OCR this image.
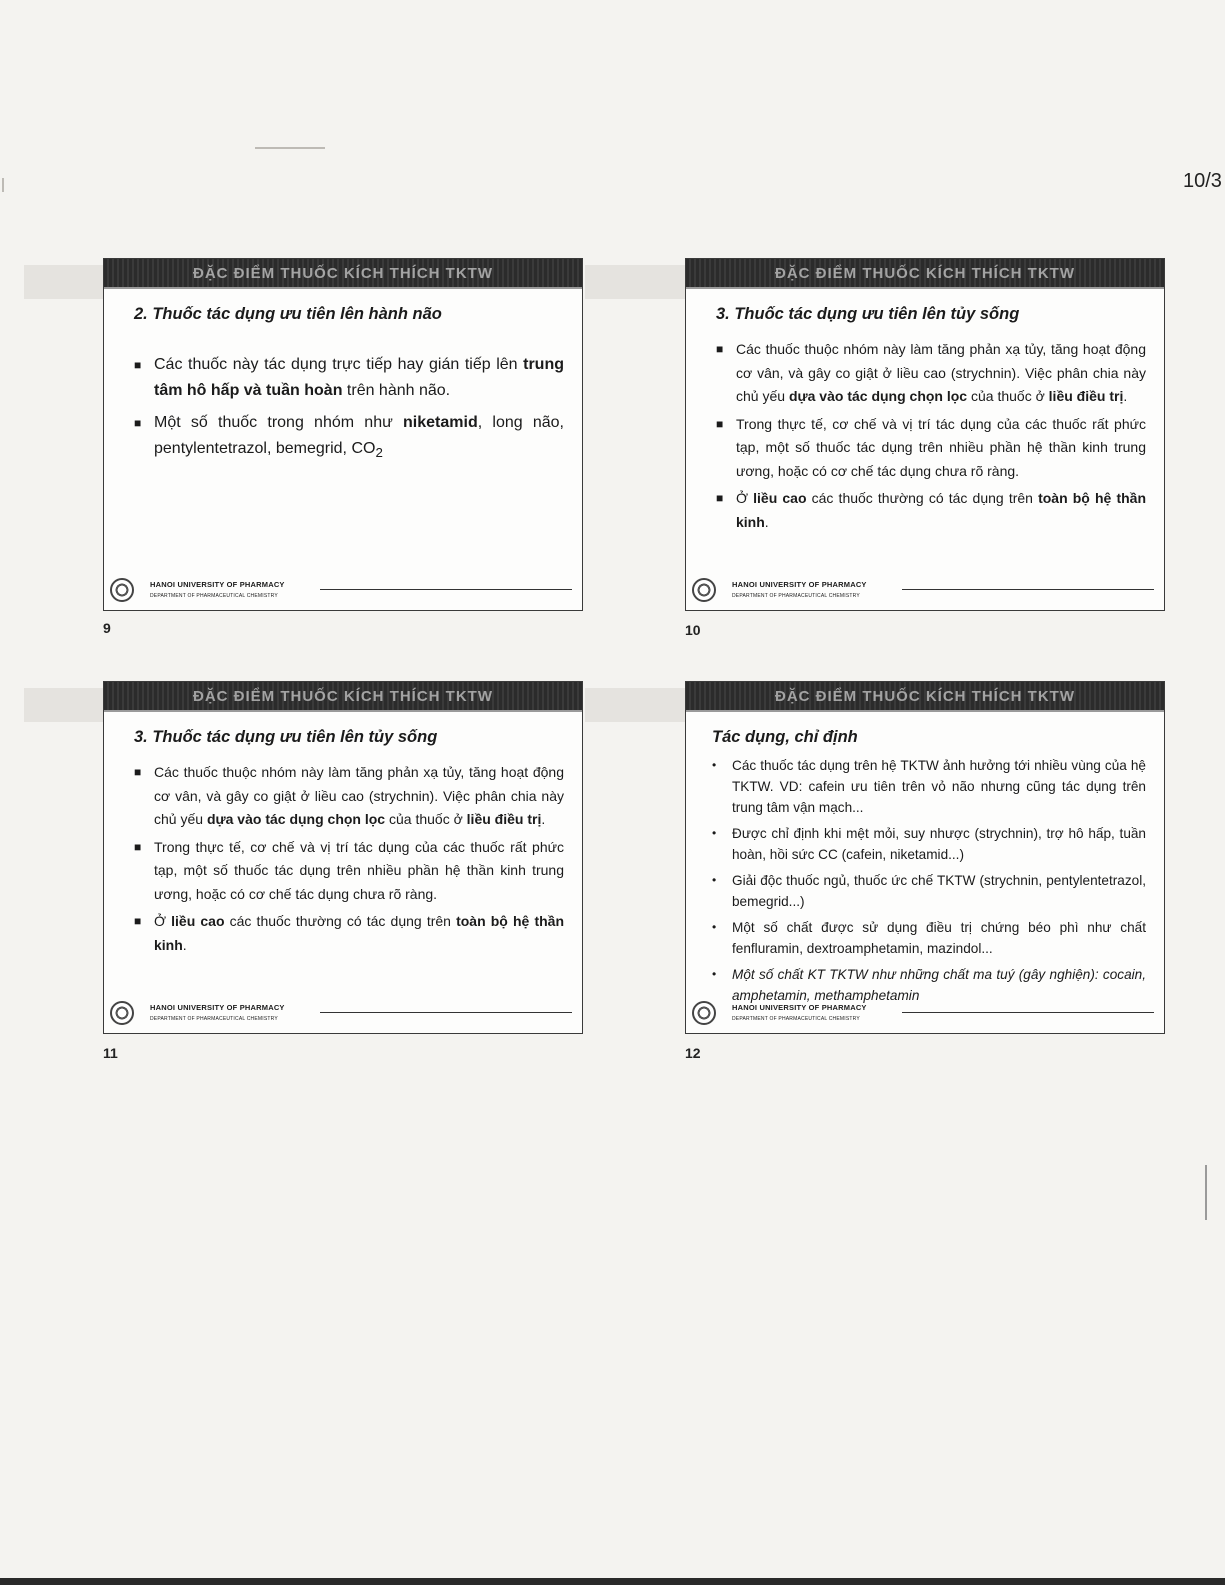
10/3
ĐẶC ĐIỂM THUỐC KÍCH THÍCH TKTW
2. Thuốc tác dụng ưu tiên lên hành não
■ Các thuốc này tác dụng trực tiếp hay gián tiếp lên trung tâm hô hấp và tuần hoàn trên hành não.
■ Một số thuốc trong nhóm như niketamid, long não, pentylentetrazol, bemegrid, $CO_2$
HANOI UNIVERSITY OF PHARMACY
DEPARTMENT OF PHARMACEUTICAL CHEMISTRY
9
ĐẶC ĐIỂM THUỐC KÍCH THÍCH TKTW
3. Thuốc tác dụng ưu tiên lên tủy sống
■ Các thuốc thuộc nhóm này làm tăng phản xạ tủy, tăng hoạt động cơ vân, và gây co giật ở liều cao (strychnin). Việc phân chia này chủ yếu dựa vào tác dụng chọn lọc của thuốc ở liều điều trị.
■ Trong thực tế, cơ chế và vị trí tác dụng của các thuốc rất phức tạp, một số thuốc tác dụng trên nhiều phần hệ thần kinh trung ương, hoặc có cơ chế tác dụng chưa rõ ràng.
■ Ở liều cao các thuốc thường có tác dụng trên toàn bộ hệ thần kinh.
HANOI UNIVERSITY OF PHARMACY
DEPARTMENT OF PHARMACEUTICAL CHEMISTRY
10
ĐẶC ĐIỂM THUỐC KÍCH THÍCH TKTW
3. Thuốc tác dụng ưu tiên lên tủy sống
■ Các thuốc thuộc nhóm này làm tăng phản xạ tủy, tăng hoạt động cơ vân, và gây co giật ở liều cao (strychnin). Việc phân chia này chủ yếu dựa vào tác dụng chọn lọc của thuốc ở liều điều trị.
■ Trong thực tế, cơ chế và vị trí tác dụng của các thuốc rất phức tạp, một số thuốc tác dụng trên nhiều phần hệ thần kinh trung ương, hoặc có cơ chế tác dụng chưa rõ ràng.
■ Ở liều cao các thuốc thường có tác dụng trên toàn bộ hệ thần kinh.
HANOI UNIVERSITY OF PHARMACY
DEPARTMENT OF PHARMACEUTICAL CHEMISTRY
11
ĐẶC ĐIỂM THUỐC KÍCH THÍCH TKTW
Tác dụng, chỉ định
• Các thuốc tác dụng trên hệ TKTW ảnh hưởng tới nhiều vùng của hệ TKTW. VD: cafein ưu tiên trên vỏ não nhưng cũng tác dụng trên trung tâm vận mạch...
• Được chỉ định khi mệt mỏi, suy nhược (strychnin), trợ hô hấp, tuần hoàn, hồi sức CC (cafein, niketamid...)
• Giải độc thuốc ngủ, thuốc ức chế TKTW (strychnin, pentylentetrazol, bemegrid...)
• Một số chất được sử dụng điều trị chứng béo phì như chất fenfluramin, dextroamphetamin, mazindol...
• Một số chất KT TKTW như những chất ma tuý (gây nghiện): cocain, amphetamin, methamphetamin
HANOI UNIVERSITY OF PHARMACY
DEPARTMENT OF PHARMACEUTICAL CHEMISTRY
12
